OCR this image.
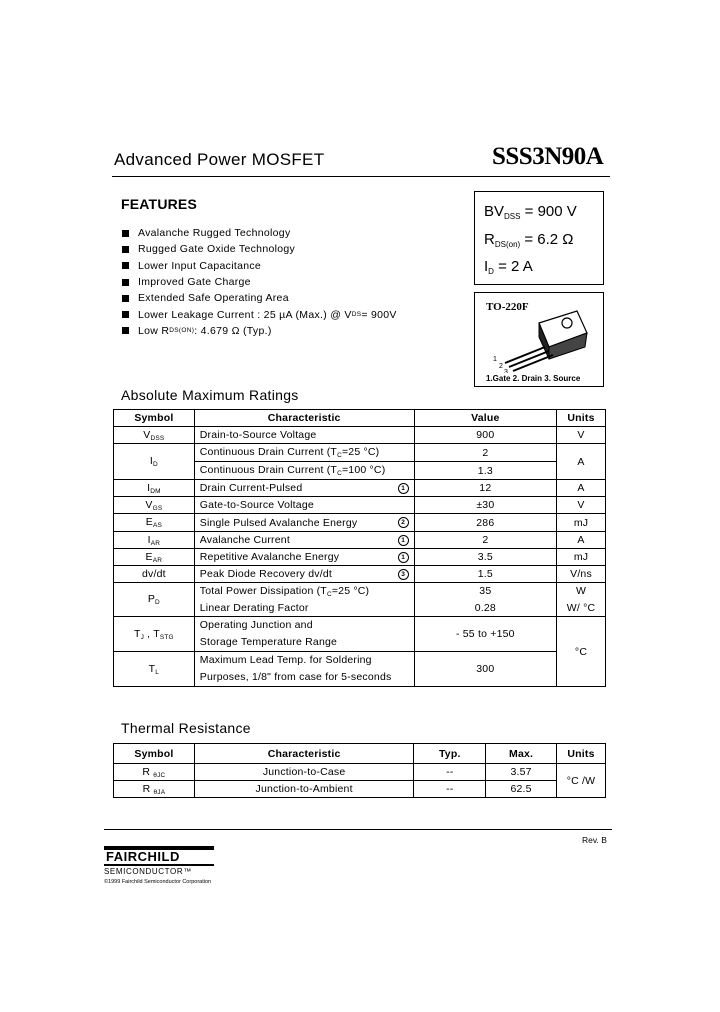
Advanced Power MOSFET	SSS3N90A
FEATURES
Avalanche Rugged Technology
Rugged Gate Oxide Technology
Lower Input Capacitance
Improved Gate Charge
Extended Safe Operating Area
Lower Leakage Current : 25 µA (Max.) @ V DS = 900V
Low R DS(ON) : 4.679 Ω (Typ.)
$BV_{DSS} = 900$ V
$R_{DS(on)} = 6.2$ Ω
$I_D = 2$ A
TO-220F
1
2
3
1.Gate 2. Drain 3. Source
Absolute Maximum Ratings
Symbol	Characteristic	Value	Units
$V_{DSS}$	Drain-to-Source Voltage	900	V
$I_D$	Continuous Drain Current ($T_C=25$ °C)	2	A
	Continuous Drain Current ($T_C=100$ °C)	1.3	
$I_{DM}$	Drain Current-Pulsed 1	12	A
$V_{GS}$	Gate-to-Source Voltage	±30	V
$E_{AS}$	Single Pulsed Avalanche Energy 2	286	mJ
$I_{AR}$	Avalanche Current 1	2	A
$E_{AR}$	Repetitive Avalanche Energy 1	3.5	mJ
dv/dt	Peak Diode Recovery dv/dt 3	1.5	V/ns
$P_D$	Total Power Dissipation ($T_C=25$ °C)	35	W
	Linear Derating Factor	0.28	W/ °C
$T_J$ , $T_{STG}$	Operating Junction and
Storage Temperature Range	- 55 to +150	°C
$T_L$	Maximum Lead Temp. for Soldering
Purposes, 1/8" from case for 5-seconds	300	
Thermal Resistance
Symbol	Characteristic	Typ.	Max.	Units
R $_{\theta JC}$	Junction-to-Case	--	3.57	°C /W
R $_{\theta JA}$	Junction-to-Ambient	--	62.5	
Rev. B
FAIRCHILD
SEMICONDUCTOR™
©1999 Fairchild Semiconductor Corporation
